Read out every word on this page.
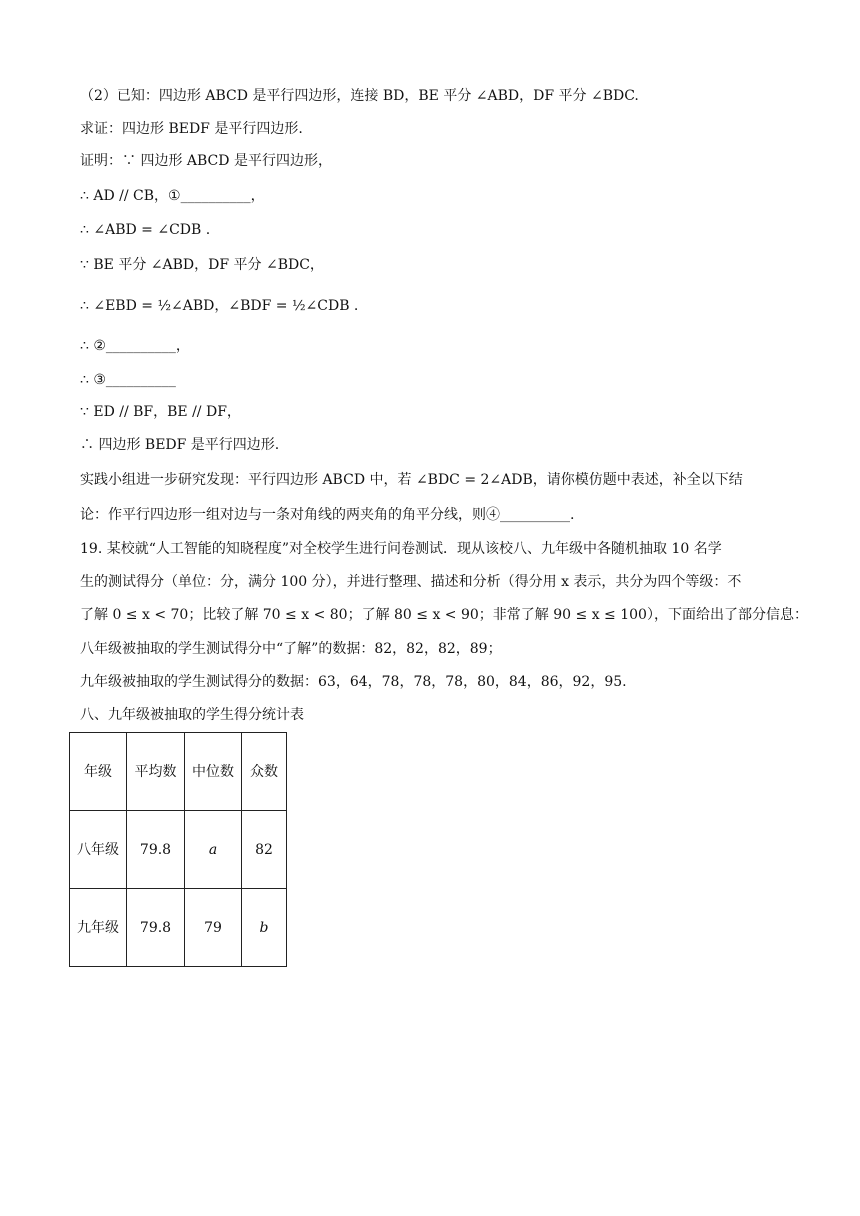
（2）已知：四边形 ABCD 是平行四边形，连接 BD，BE 平分 ∠ABD，DF 平分 ∠BDC.
求证：四边形 BEDF 是平行四边形.
证明：∵ 四边形 ABCD 是平行四边形，
∴ AD // CB，①__________，
∴ ∠ABD = ∠CDB .
∵ BE 平分 ∠ABD，DF 平分 ∠BDC，
∴ ∠EBD = ½∠ABD，∠BDF = ½∠CDB .
∴ ②__________，
∴ ③__________
∵ ED // BF，BE // DF，
∴ 四边形 BEDF 是平行四边形.
实践小组进一步研究发现：平行四边形 ABCD 中，若 ∠BDC = 2∠ADB，请你模仿题中表述，补全以下结
论：作平行四边形一组对边与一条对角线的两夹角的角平分线，则④__________.
19. 某校就“人工智能的知晓程度”对全校学生进行问卷测试．现从该校八、九年级中各随机抽取 10 名学
生的测试得分（单位：分，满分 100 分），并进行整理、描述和分析（得分用 x 表示，共分为四个等级：不
了解 0 ≤ x < 70；比较了解 70 ≤ x < 80；了解 80 ≤ x < 90；非常了解 90 ≤ x ≤ 100），下面给出了部分信息：
八年级被抽取的学生测试得分中“了解”的数据：82，82，82，89；
九年级被抽取的学生测试得分的数据：63，64，78，78，78，80，84，86，92，95.
八、九年级被抽取的学生得分统计表
年级	平均数	中位数	众数
八年级	79.8	a	82
九年级	79.8	79	b
